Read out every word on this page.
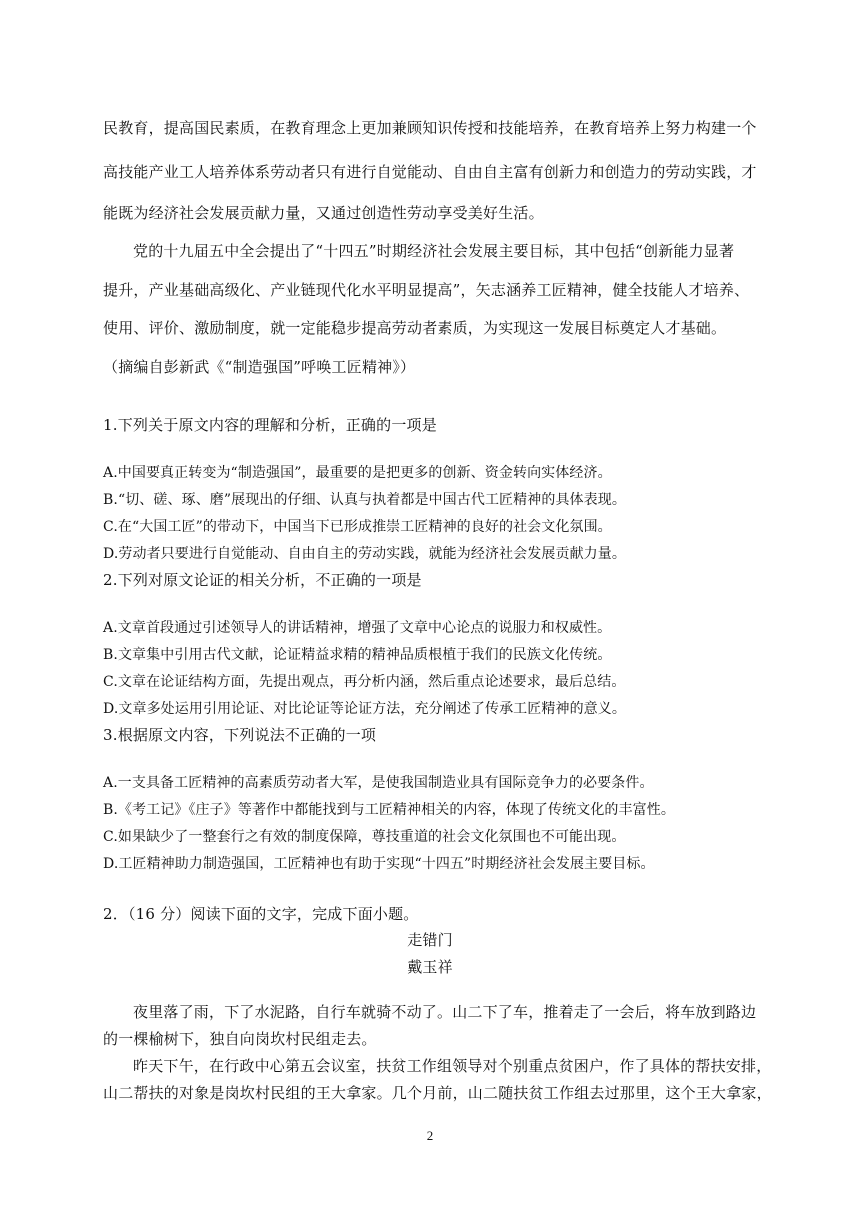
民教育，提高国民素质，在教育理念上更加兼顾知识传授和技能培养，在教育培养上努力构建一个
高技能产业工人培养体系劳动者只有进行自觉能动、自由自主富有创新力和创造力的劳动实践，才
能既为经济社会发展贡献力量，又通过创造性劳动享受美好生活。
党的十九届五中全会提出了“十四五”时期经济社会发展主要目标，其中包括“创新能力显著
提升，产业基础高级化、产业链现代化水平明显提高”，矢志涵养工匠精神，健全技能人才培养、
使用、评价、激励制度，就一定能稳步提高劳动者素质，为实现这一发展目标奠定人才基础。
（摘编自彭新武《“制造强国”呼唤工匠精神》）
1.下列关于原文内容的理解和分析，正确的一项是
A.中国要真正转变为“制造强国”，最重要的是把更多的创新、资金转向实体经济。
B.“切、磋、琢、磨”展现出的仔细、认真与执着都是中国古代工匠精神的具体表现。
C.在“大国工匠”的带动下，中国当下已形成推崇工匠精神的良好的社会文化氛围。
D.劳动者只要进行自觉能动、自由自主的劳动实践，就能为经济社会发展贡献力量。
2.下列对原文论证的相关分析，不正确的一项是
A.文章首段通过引述领导人的讲话精神，增强了文章中心论点的说服力和权威性。
B.文章集中引用古代文献，论证精益求精的精神品质根植于我们的民族文化传统。
C.文章在论证结构方面，先提出观点，再分析内涵，然后重点论述要求，最后总结。
D.文章多处运用引用论证、对比论证等论证方法，充分阐述了传承工匠精神的意义。
3.根据原文内容，下列说法不正确的一项
A.一支具备工匠精神的高素质劳动者大军，是使我国制造业具有国际竞争力的必要条件。
B.《考工记》《庄子》等著作中都能找到与工匠精神相关的内容，体现了传统文化的丰富性。
C.如果缺少了一整套行之有效的制度保障，尊技重道的社会文化氛围也不可能出现。
D.工匠精神助力制造强国，工匠精神也有助于实现“十四五”时期经济社会发展主要目标。
2．（16 分）阅读下面的文字，完成下面小题。
走错门
戴玉祥
夜里落了雨，下了水泥路，自行车就骑不动了。山二下了车，推着走了一会后，将车放到路边
的一棵榆树下，独自向岗坎村民组走去。
昨天下午，在行政中心第五会议室，扶贫工作组领导对个别重点贫困户，作了具体的帮扶安排，
山二帮扶的对象是岗坎村民组的王大拿家。几个月前，山二随扶贫工作组去过那里，这个王大拿家，
2
